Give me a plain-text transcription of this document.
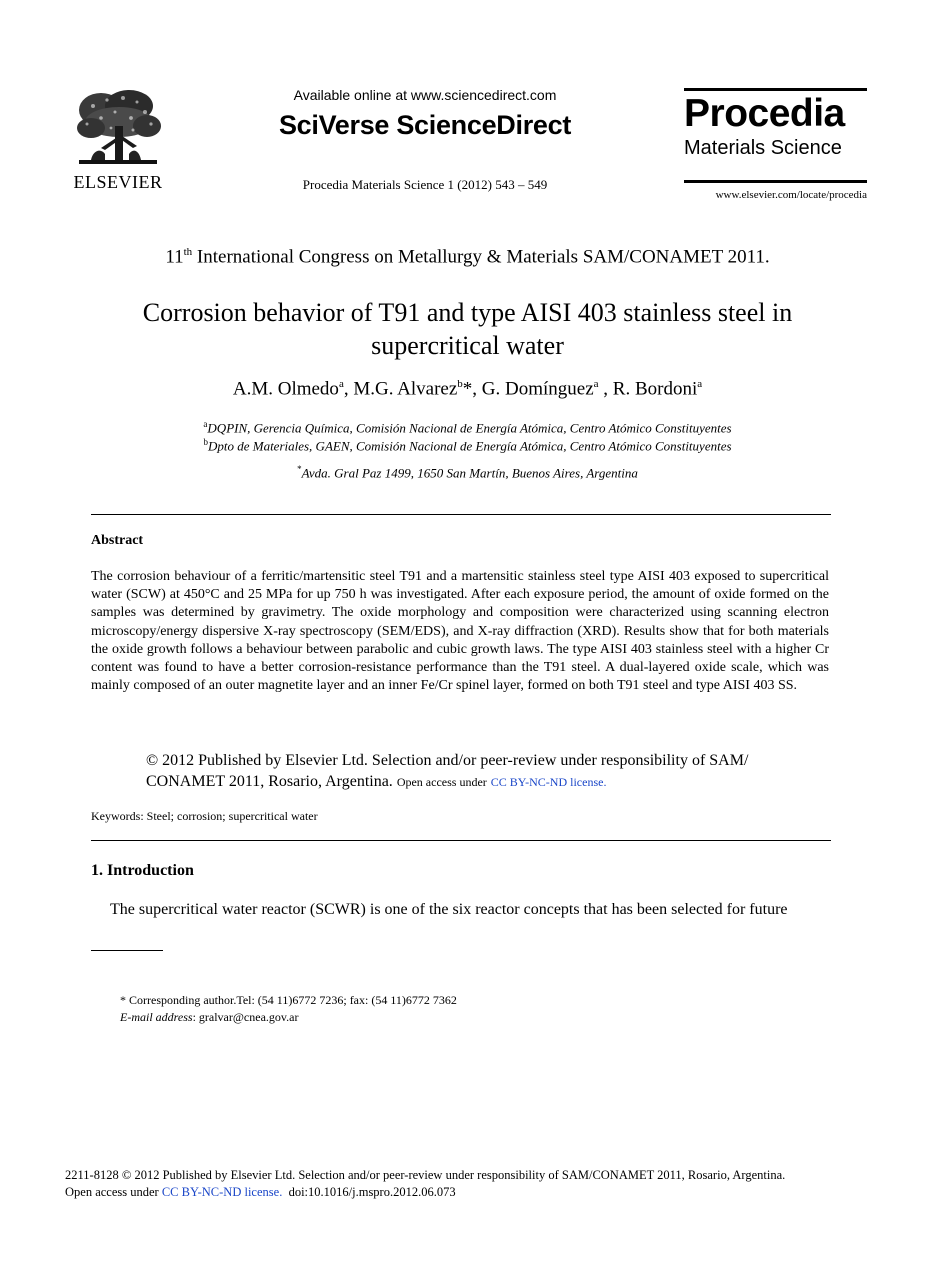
ELSEVIER
Available online at www.sciencedirect.com
SciVerse ScienceDirect
Procedia Materials Science 1 (2012) 543 – 549
Procedia
Materials Science
www.elsevier.com/locate/procedia
11th International Congress on Metallurgy & Materials SAM/CONAMET 2011.
Corrosion behavior of T91 and type AISI 403 stainless steel in
supercritical water
A.M. Olmedo$^a$, M.G. Alvarez$^b$*, G. Domínguez$^a$ , R. Bordoni$^a$
$^a$DQPIN, Gerencia Química, Comisión Nacional de Energía Atómica, Centro Atómico Constituyentes
$^b$Dpto de Materiales, GAEN, Comisión Nacional de Energía Atómica, Centro Atómico Constituyentes
*Avda. Gral Paz 1499, 1650 San Martín, Buenos Aires, Argentina
Abstract
The corrosion behaviour of a ferritic/martensitic steel T91 and a martensitic stainless steel type AISI 403 exposed to supercritical water (SCW) at 450°C and 25 MPa for up 750 h was investigated. After each exposure period, the amount of oxide formed on the samples was determined by gravimetry. The oxide morphology and composition were characterized using scanning electron microscopy/energy dispersive X-ray spectroscopy (SEM/EDS), and X-ray diffraction (XRD). Results show that for both materials the oxide growth follows a behaviour between parabolic and cubic growth laws. The type AISI 403 stainless steel with a higher Cr content was found to have a better corrosion-resistance performance than the T91 steel. A dual-layered oxide scale, which was mainly composed of an outer magnetite layer and an inner Fe/Cr spinel layer, formed on both T91 steel and type AISI 403 SS.
© 2012 Published by Elsevier Ltd. Selection and/or peer-review under responsibility of SAM/
CONAMET 2011, Rosario, Argentina. Open access under CC BY-NC-ND license.
Keywords: Steel; corrosion; supercritical water
1. Introduction
The supercritical water reactor (SCWR) is one of the six reactor concepts that has been selected for future
* Corresponding author.Tel: (54 11)6772 7236; fax: (54 11)6772 7362
E-mail address: gralvar@cnea.gov.ar
2211-8128 © 2012 Published by Elsevier Ltd. Selection and/or peer-review under responsibility of SAM/CONAMET 2011, Rosario, Argentina.
Open access under CC BY-NC-ND license. doi:10.1016/j.mspro.2012.06.073
